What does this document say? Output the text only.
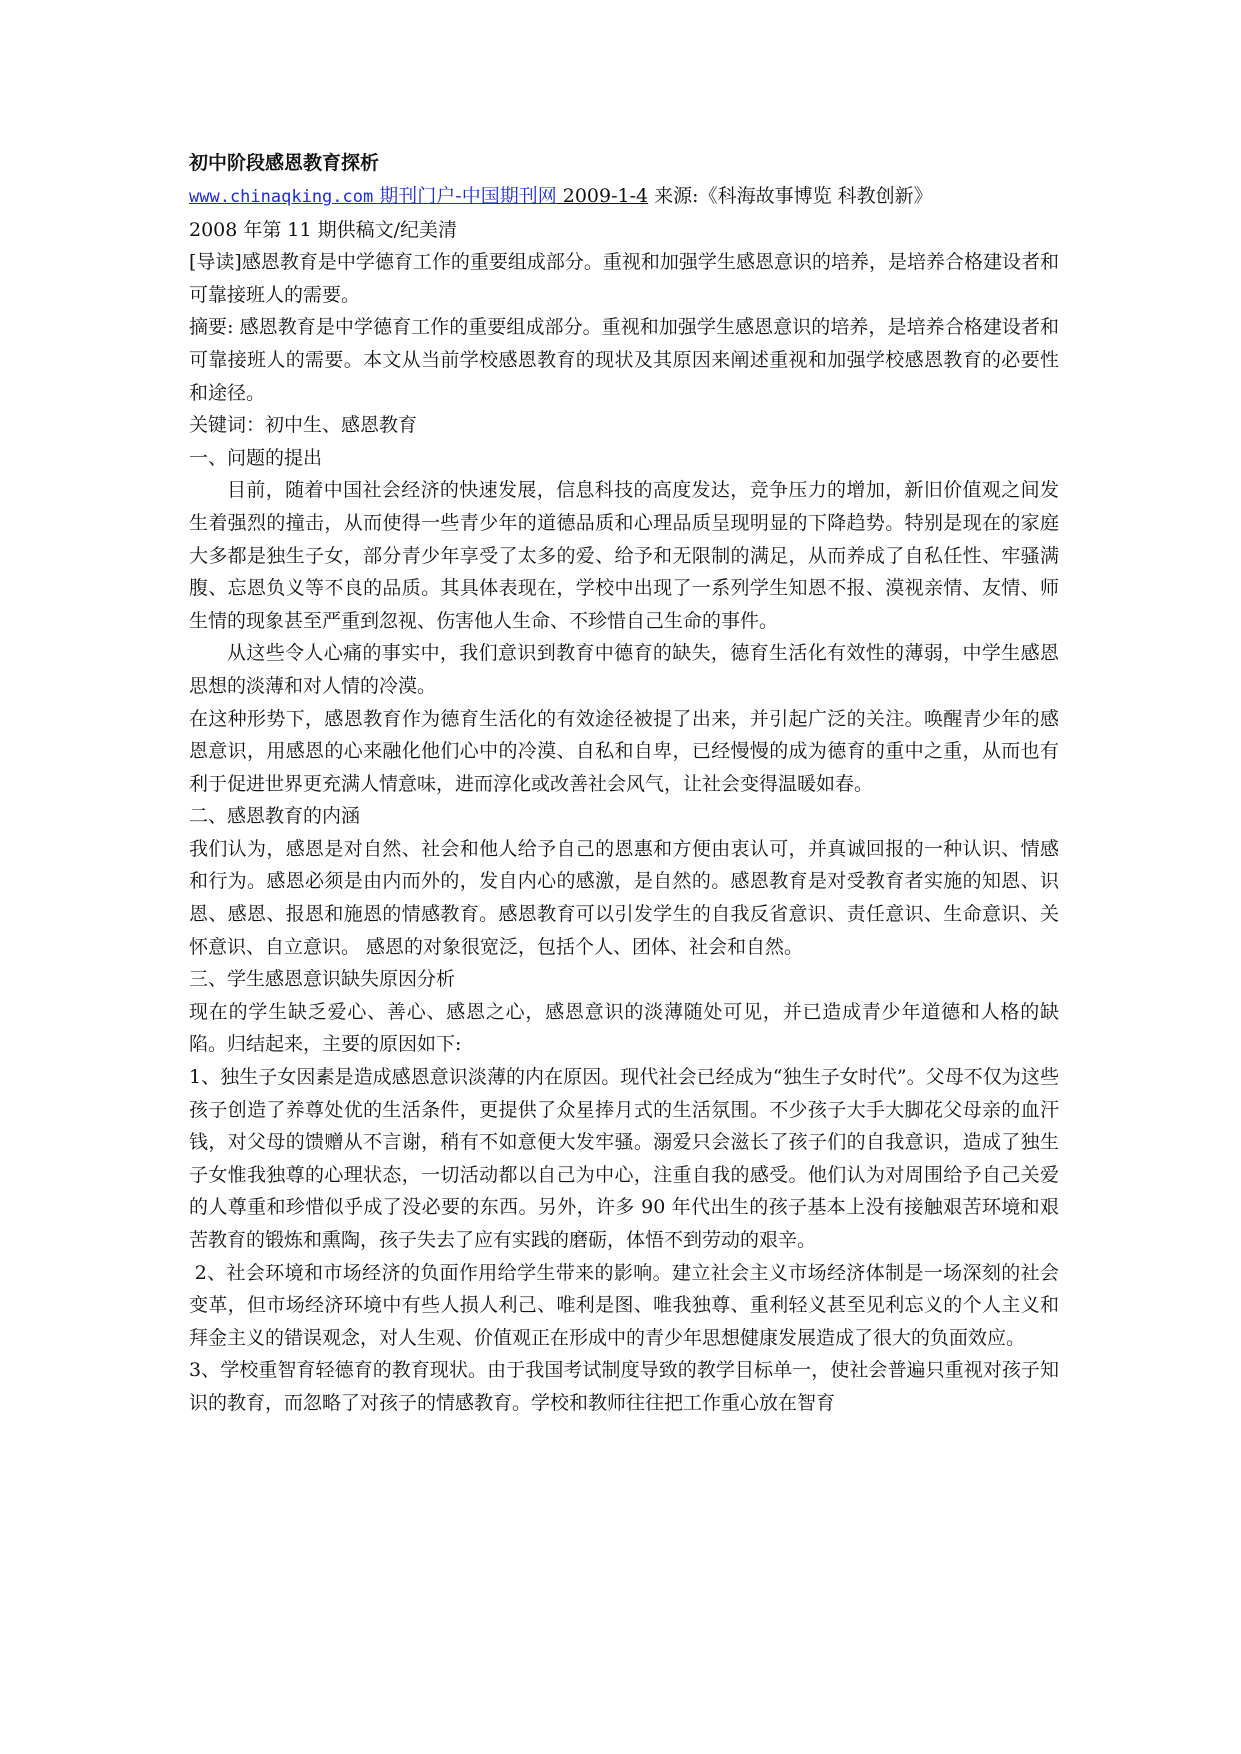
初中阶段感恩教育探析
www.chinaqking.com 期刊门户-中国期刊网 2009-1-4 来源:《科海故事博览 科教创新》

2008 年第 11 期供稿文/纪美清

[导读]感恩教育是中学德育工作的重要组成部分。重视和加强学生感恩意识的培养，是培养合格建设者和可靠接班人的需要。

摘要: 感恩教育是中学德育工作的重要组成部分。重视和加强学生感恩意识的培养，是培养合格建设者和可靠接班人的需要。本文从当前学校感恩教育的现状及其原因来阐述重视和加强学校感恩教育的必要性和途径。

关键词：初中生、感恩教育

一、问题的提出

目前，随着中国社会经济的快速发展，信息科技的高度发达，竞争压力的增加，新旧价值观之间发生着强烈的撞击，从而使得一些青少年的道德品质和心理品质呈现明显的下降趋势。特别是现在的家庭大多都是独生子女，部分青少年享受了太多的爱、给予和无限制的满足，从而养成了自私任性、牢骚满腹、忘恩负义等不良的品质。其具体表现在，学校中出现了一系列学生知恩不报、漠视亲情、友情、师生情的现象甚至严重到忽视、伤害他人生命、不珍惜自己生命的事件。

从这些令人心痛的事实中，我们意识到教育中德育的缺失，德育生活化有效性的薄弱，中学生感恩思想的淡薄和对人情的冷漠。

在这种形势下，感恩教育作为德育生活化的有效途径被提了出来，并引起广泛的关注。唤醒青少年的感恩意识，用感恩的心来融化他们心中的冷漠、自私和自卑，已经慢慢的成为德育的重中之重，从而也有利于促进世界更充满人情意味，进而淳化或改善社会风气，让社会变得温暖如春。

二、感恩教育的内涵

我们认为，感恩是对自然、社会和他人给予自己的恩惠和方便由衷认可，并真诚回报的一种认识、情感和行为。感恩必须是由内而外的，发自内心的感激，是自然的。感恩教育是对受教育者实施的知恩、识恩、感恩、报恩和施恩的情感教育。感恩教育可以引发学生的自我反省意识、责任意识、生命意识、关怀意识、自立意识。 感恩的对象很宽泛，包括个人、团体、社会和自然。

三、学生感恩意识缺失原因分析

现在的学生缺乏爱心、善心、感恩之心，感恩意识的淡薄随处可见，并已造成青少年道德和人格的缺陷。归结起来，主要的原因如下:

1、独生子女因素是造成感恩意识淡薄的内在原因。现代社会已经成为“独生子女时代”。父母不仅为这些孩子创造了养尊处优的生活条件，更提供了众星捧月式的生活氛围。不少孩子大手大脚花父母亲的血汗钱，对父母的馈赠从不言谢，稍有不如意便大发牢骚。溺爱只会滋长了孩子们的自我意识，造成了独生子女惟我独尊的心理状态，一切活动都以自己为中心，注重自我的感受。他们认为对周围给予自己关爱的人尊重和珍惜似乎成了没必要的东西。另外，许多 90 年代出生的孩子基本上没有接触艰苦环境和艰苦教育的锻炼和熏陶，孩子失去了应有实践的磨砺，体悟不到劳动的艰辛。

2、社会环境和市场经济的负面作用给学生带来的影响。建立社会主义市场经济体制是一场深刻的社会变革，但市场经济环境中有些人损人利己、唯利是图、唯我独尊、重利轻义甚至见利忘义的个人主义和拜金主义的错误观念，对人生观、价值观正在形成中的青少年思想健康发展造成了很大的负面效应。

3、学校重智育轻德育的教育现状。由于我国考试制度导致的教学目标单一，使社会普遍只重视对孩子知识的教育，而忽略了对孩子的情感教育。学校和教师往往把工作重心放在智育
